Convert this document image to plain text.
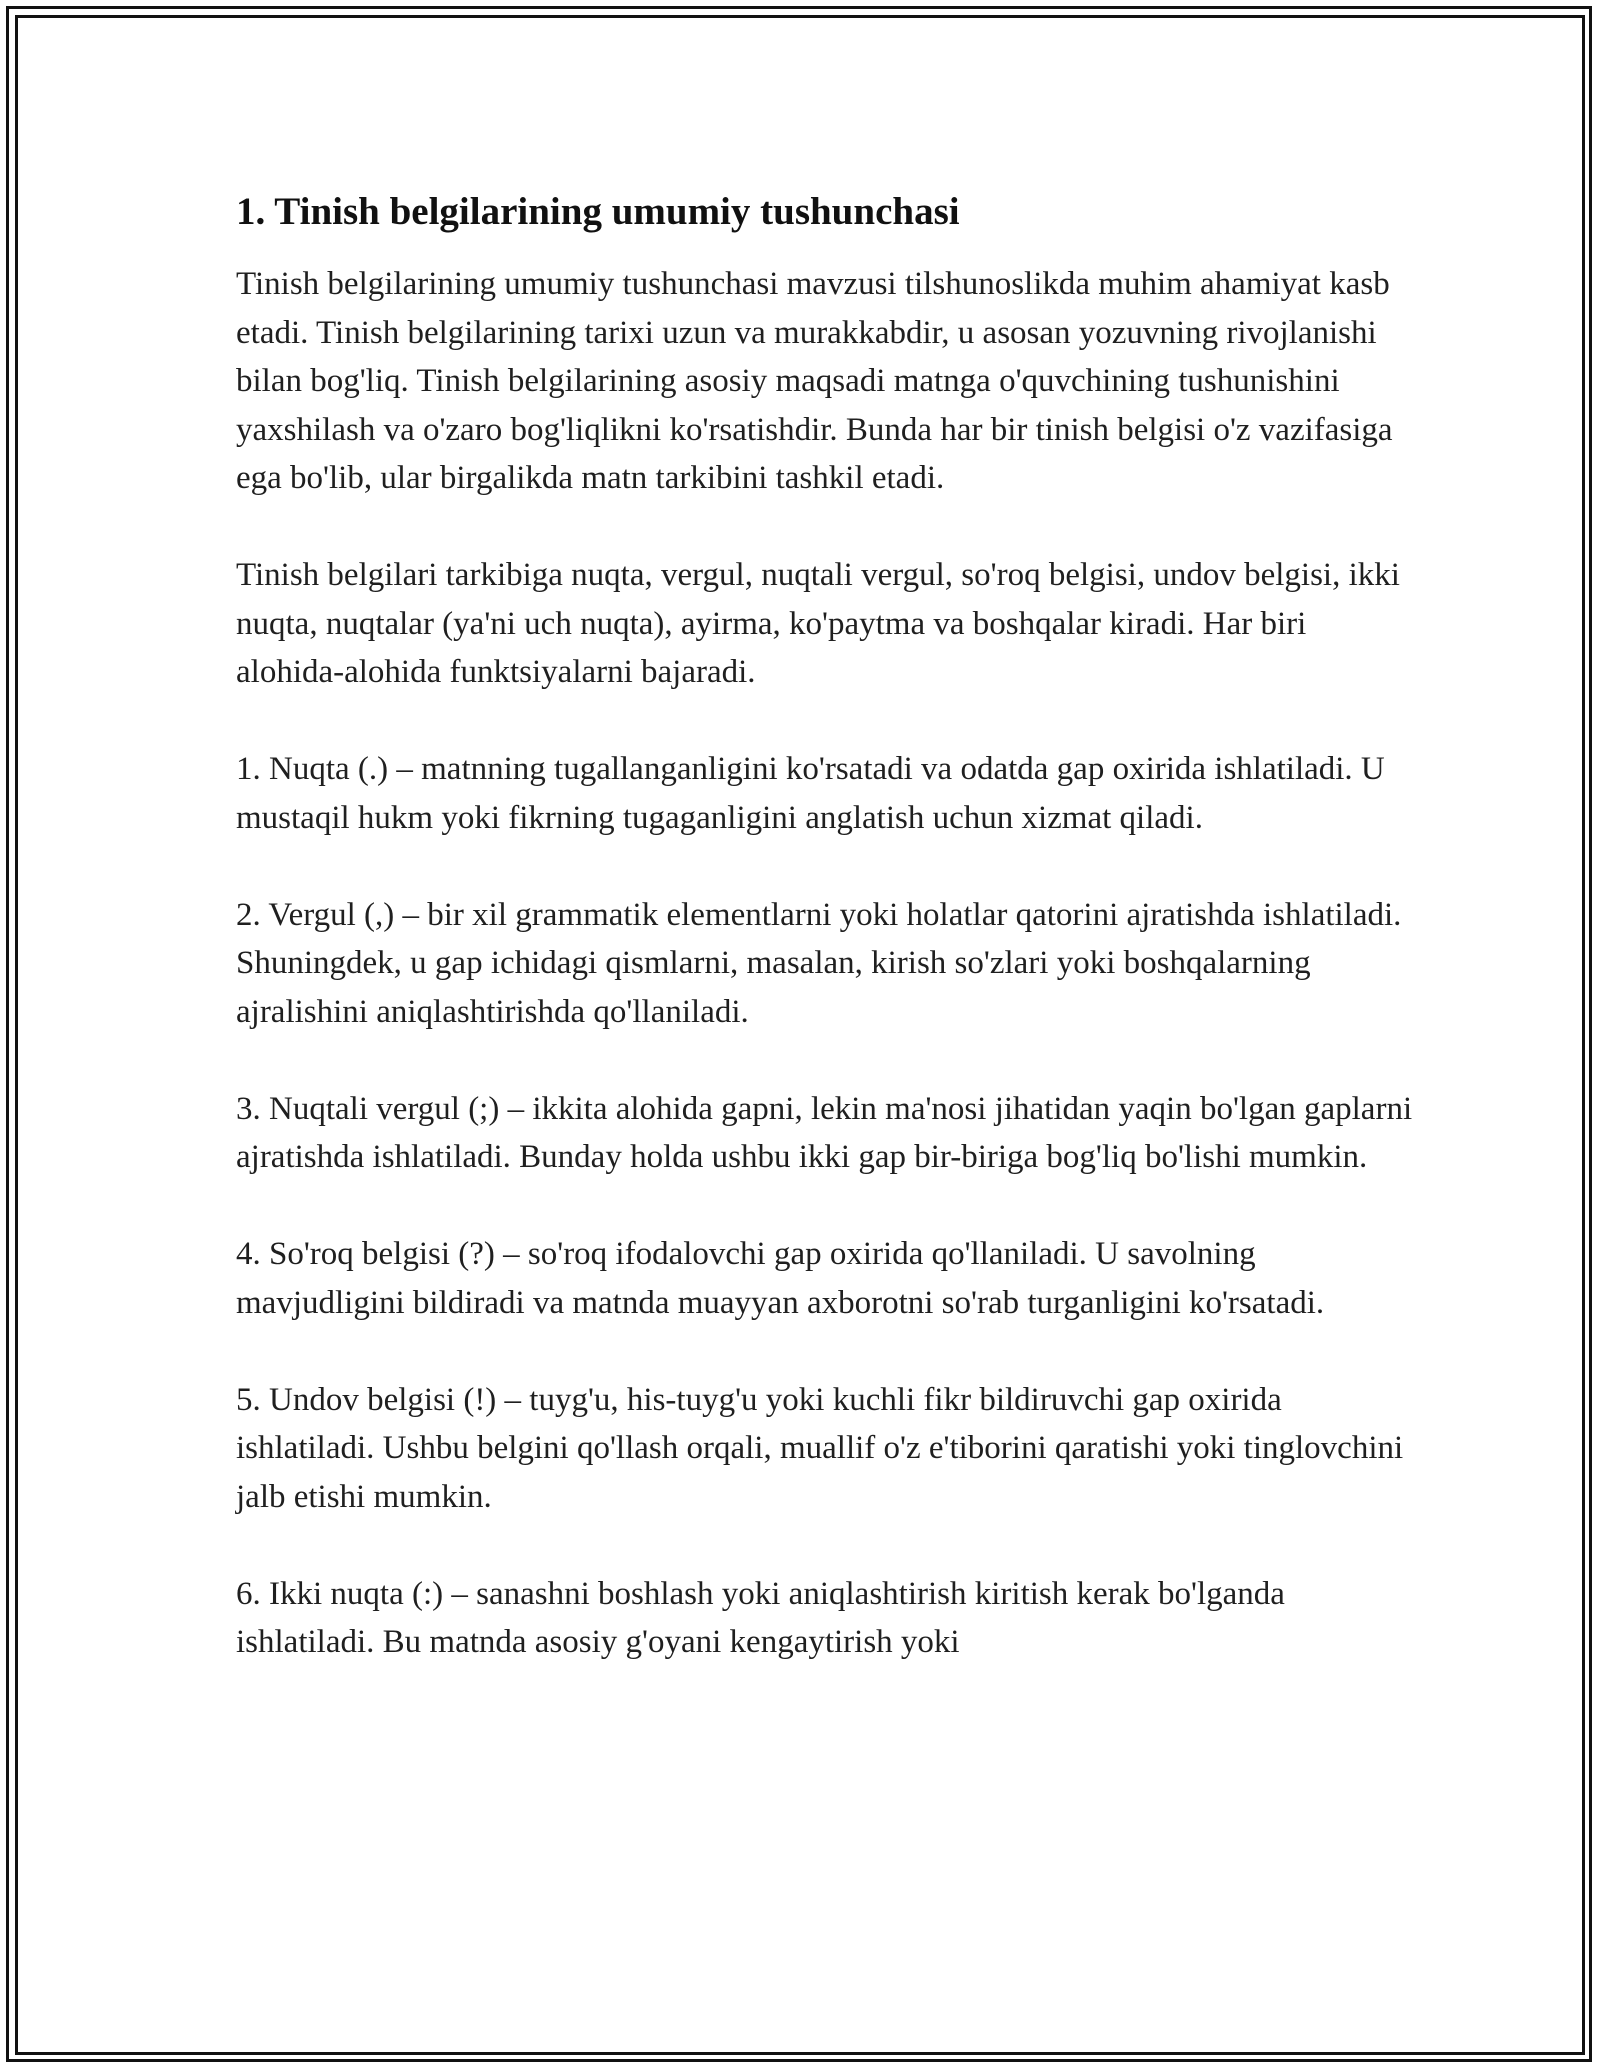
1. Tinish belgilarining umumiy tushunchasi

Tinish belgilarining umumiy tushunchasi mavzusi tilshunoslikda muhim ahamiyat kasb etadi. Tinish belgilarining tarixi uzun va murakkabdir, u asosan yozuvning rivojlanishi bilan bog'liq. Tinish belgilarining asosiy maqsadi matnga o'quvchining tushunishini yaxshilash va o'zaro bog'liqlikni ko'rsatishdir. Bunda har bir tinish belgisi o'z vazifasiga ega bo'lib, ular birgalikda matn tarkibini tashkil etadi.

Tinish belgilari tarkibiga nuqta, vergul, nuqtali vergul, so'roq belgisi, undov belgisi, ikki nuqta, nuqtalar (ya'ni uch nuqta), ayirma, ko'paytma va boshqalar kiradi. Har biri alohida-alohida funktsiyalarni bajaradi.

1. Nuqta (.) – matnning tugallanganligini ko'rsatadi va odatda gap oxirida ishlatiladi. U mustaqil hukm yoki fikrning tugaganligini anglatish uchun xizmat qiladi.

2. Vergul (,) – bir xil grammatik elementlarni yoki holatlar qatorini ajratishda ishlatiladi. Shuningdek, u gap ichidagi qismlarni, masalan, kirish so'zlari yoki boshqalarning ajralishini aniqlashtirishda qo'llaniladi.

3. Nuqtali vergul (;) – ikkita alohida gapni, lekin ma'nosi jihatidan yaqin bo'lgan gaplarni ajratishda ishlatiladi. Bunday holda ushbu ikki gap bir-biriga bog'liq bo'lishi mumkin.

4. So'roq belgisi (?) – so'roq ifodalovchi gap oxirida qo'llaniladi. U savolning mavjudligini bildiradi va matnda muayyan axborotni so'rab turganligini ko'rsatadi.

5. Undov belgisi (!) – tuyg'u, his-tuyg'u yoki kuchli fikr bildiruvchi gap oxirida ishlatiladi. Ushbu belgini qo'llash orqali, muallif o'z e'tiborini qaratishi yoki tinglovchini jalb etishi mumkin.

6. Ikki nuqta (:) – sanashni boshlash yoki aniqlashtirish kiritish kerak bo'lganda ishlatiladi. Bu matnda asosiy g'oyani kengaytirish yoki
